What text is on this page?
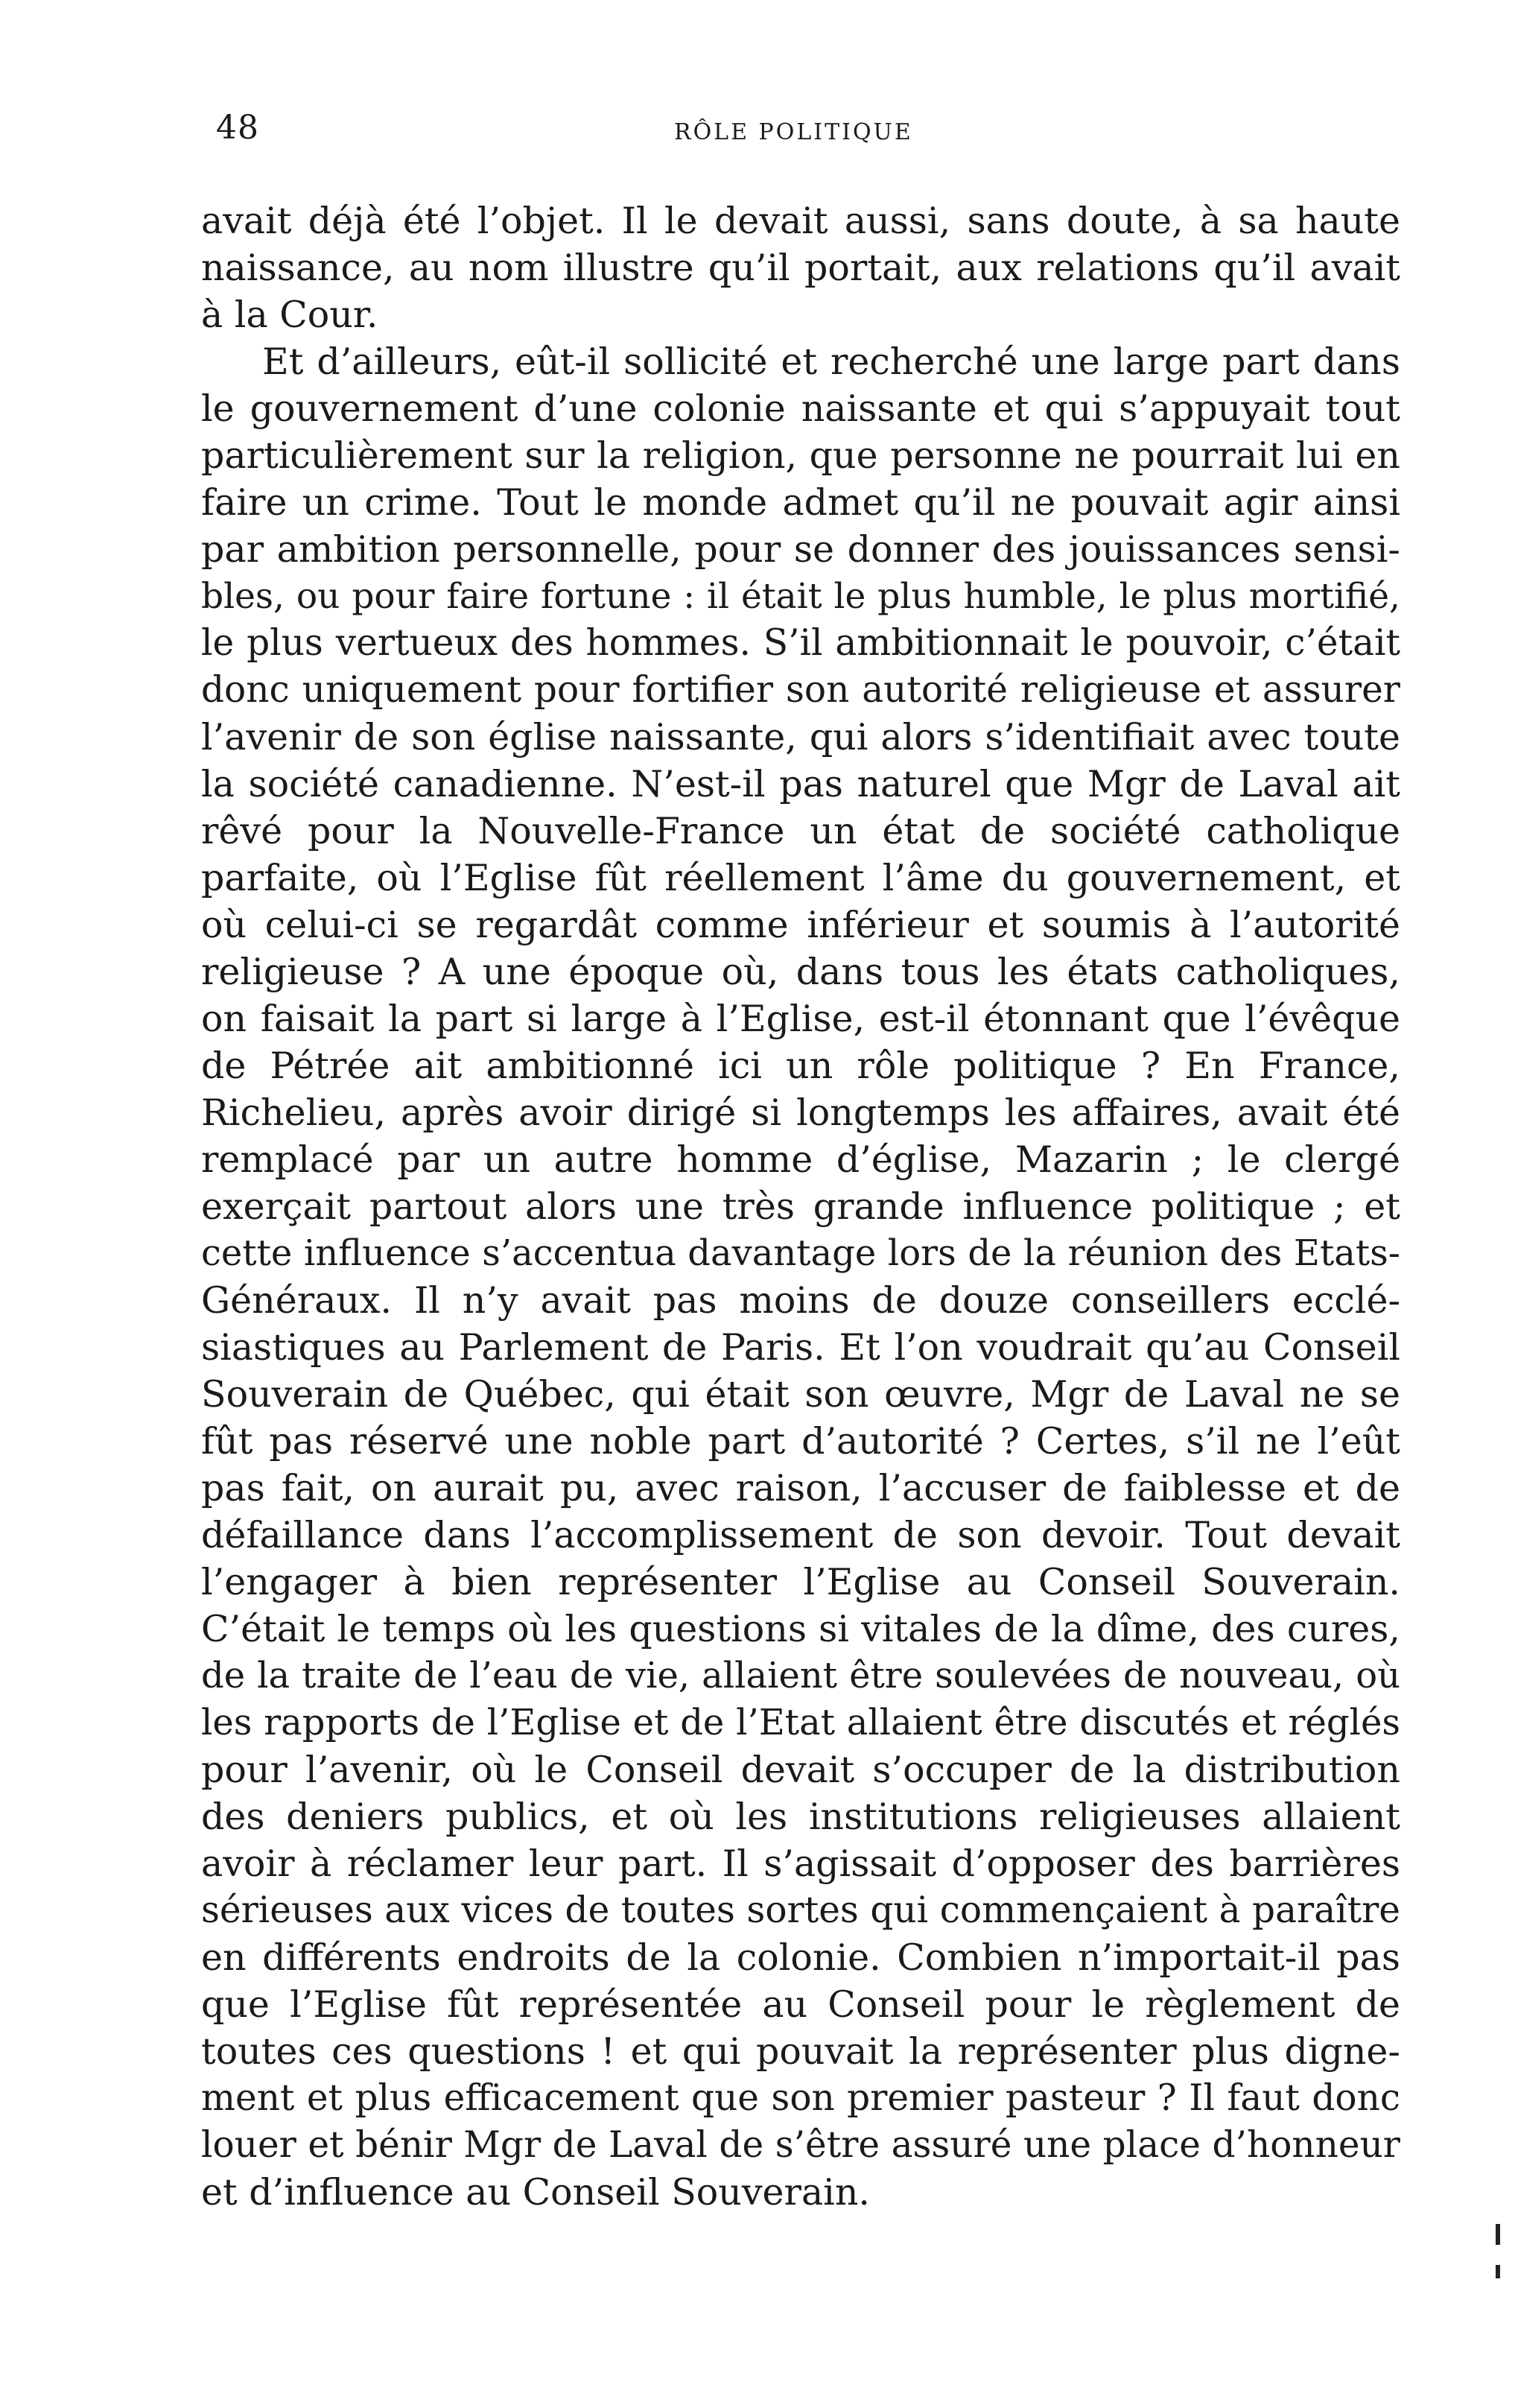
48	RÔLE POLITIQUE
avait déjà été l’objet. Il le devait aussi, sans doute, à sa haute
naissance, au nom illustre qu’il portait, aux relations qu’il avait
à la Cour.
Et d’ailleurs, eût-il sollicité et recherché une large part dans
le gouvernement d’une colonie naissante et qui s’appuyait tout
particulièrement sur la religion, que personne ne pourrait lui en
faire un crime. Tout le monde admet qu’il ne pouvait agir ainsi
par ambition personnelle, pour se donner des jouissances sensi-
bles, ou pour faire fortune : il était le plus humble, le plus mortifié,
le plus vertueux des hommes. S’il ambitionnait le pouvoir, c’était
donc uniquement pour fortifier son autorité religieuse et assurer
l’avenir de son église naissante, qui alors s’identifiait avec toute
la société canadienne. N’est-il pas naturel que Mgr de Laval ait
rêvé pour la Nouvelle-France un état de société catholique
parfaite, où l’Eglise fût réellement l’âme du gouvernement, et
où celui-ci se regardât comme inférieur et soumis à l’autorité
religieuse ? A une époque où, dans tous les états catholiques,
on faisait la part si large à l’Eglise, est-il étonnant que l’évêque
de Pétrée ait ambitionné ici un rôle politique ? En France,
Richelieu, après avoir dirigé si longtemps les affaires, avait été
remplacé par un autre homme d’église, Mazarin ; le clergé
exerçait partout alors une très grande influence politique ; et
cette influence s’accentua davantage lors de la réunion des Etats-
Généraux. Il n’y avait pas moins de douze conseillers ecclé-
siastiques au Parlement de Paris. Et l’on voudrait qu’au Conseil
Souverain de Québec, qui était son œuvre, Mgr de Laval ne se
fût pas réservé une noble part d’autorité ? Certes, s’il ne l’eût
pas fait, on aurait pu, avec raison, l’accuser de faiblesse et de
défaillance dans l’accomplissement de son devoir. Tout devait
l’engager à bien représenter l’Eglise au Conseil Souverain.
C’était le temps où les questions si vitales de la dîme, des cures,
de la traite de l’eau de vie, allaient être soulevées de nouveau, où
les rapports de l’Eglise et de l’Etat allaient être discutés et réglés
pour l’avenir, où le Conseil devait s’occuper de la distribution
des deniers publics, et où les institutions religieuses allaient
avoir à réclamer leur part. Il s’agissait d’opposer des barrières
sérieuses aux vices de toutes sortes qui commençaient à paraître
en différents endroits de la colonie. Combien n’importait-il pas
que l’Eglise fût représentée au Conseil pour le règlement de
toutes ces questions ! et qui pouvait la représenter plus digne-
ment et plus efficacement que son premier pasteur ? Il faut donc
louer et bénir Mgr de Laval de s’être assuré une place d’honneur
et d’influence au Conseil Souverain.
